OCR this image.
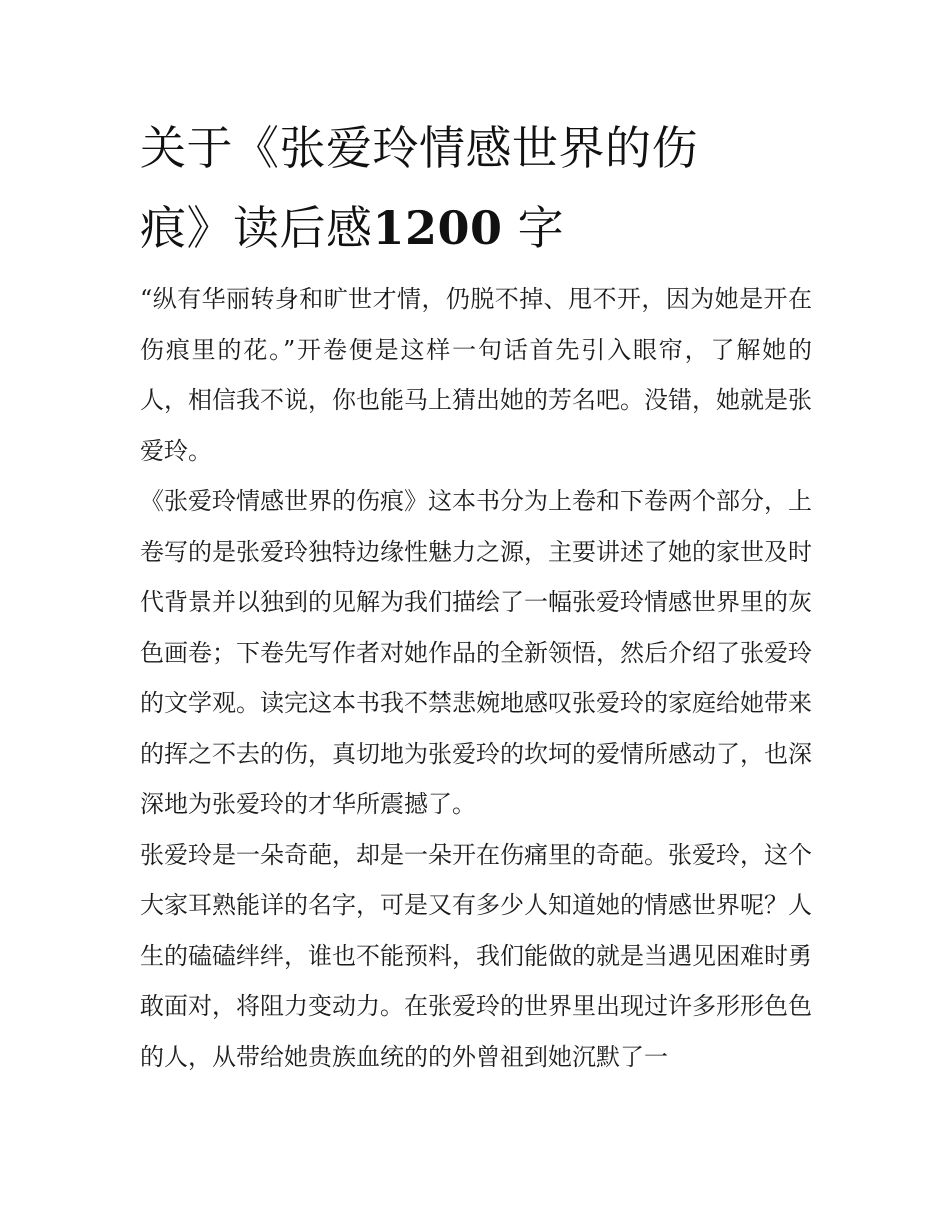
关于《张爱玲情感世界的伤
痕》读后感1200 字

“纵有华丽转身和旷世才情，仍脱不掉、甩不开，因为她是开在伤痕里的花。”开卷便是这样一句话首先引入眼帘，了解她的人，相信我不说，你也能马上猜出她的芳名吧。没错，她就是张爱玲。

《张爱玲情感世界的伤痕》这本书分为上卷和下卷两个部分，上卷写的是张爱玲独特边缘性魅力之源，主要讲述了她的家世及时代背景并以独到的见解为我们描绘了一幅张爱玲情感世界里的灰色画卷；下卷先写作者对她作品的全新领悟，然后介绍了张爱玲的文学观。读完这本书我不禁悲婉地感叹张爱玲的家庭给她带来的挥之不去的伤，真切地为张爱玲的坎坷的爱情所感动了，也深深地为张爱玲的才华所震撼了。

张爱玲是一朵奇葩，却是一朵开在伤痛里的奇葩。张爱玲，这个大家耳熟能详的名字，可是又有多少人知道她的情感世界呢？人生的磕磕绊绊，谁也不能预料，我们能做的就是当遇见困难时勇敢面对，将阻力变动力。在张爱玲的世界里出现过许多形形色色的人，从带给她贵族血统的的外曾祖到她沉默了一
